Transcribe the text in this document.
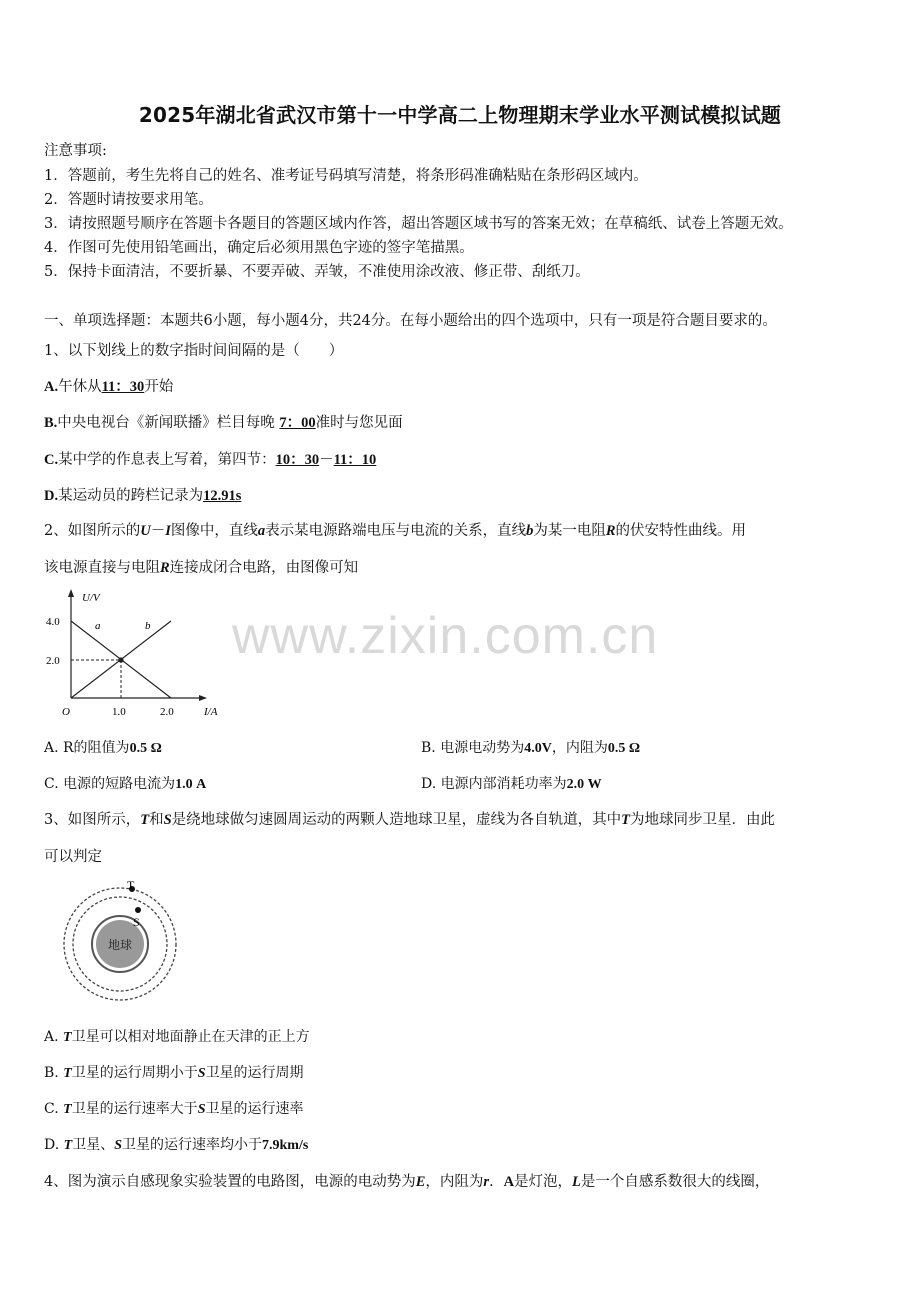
2025年湖北省武汉市第十一中学高二上物理期末学业水平测试模拟试题
注意事项:
1．答题前，考生先将自己的姓名、准考证号码填写清楚，将条形码准确粘贴在条形码区域内。
2．答题时请按要求用笔。
3．请按照题号顺序在答题卡各题目的答题区域内作答，超出答题区域书写的答案无效；在草稿纸、试卷上答题无效。
4．作图可先使用铅笔画出，确定后必须用黑色字迹的签字笔描黑。
5．保持卡面清洁，不要折暴、不要弄破、弄皱，不准使用涂改液、修正带、刮纸刀。
一、单项选择题：本题共6小题，每小题4分，共24分。在每小题给出的四个选项中，只有一项是符合题目要求的。
1、以下划线上的数字指时间间隔的是（　　）
A.午休从11：30开始
B.中央电视台《新闻联播》栏目每晚 7：00准时与您见面
C.某中学的作息表上写着，第四节：10：30－11：10
D.某运动员的跨栏记录为12.91s
2、如图所示的U－I图像中，直线a表示某电源路端电压与电流的关系，直线b为某一电阻R的伏安特性曲线。用
该电源直接与电阻R连接成闭合电路，由图像可知
U/V
I/A
O
4.0
2.0
1.0	2.0
a	b www.zixin.com.cn
A. R的阻值为0.5 Ω	B. 电源电动势为4.0V，内阻为0.5 Ω
C. 电源的短路电流为1.0 A	D. 电源内部消耗功率为2.0 W
3、如图所示，T和S是绕地球做匀速圆周运动的两颗人造地球卫星，虚线为各自轨道，其中T为地球同步卫星．由此
可以判定
地球
T
S
A. T卫星可以相对地面静止在天津的正上方
B. T卫星的运行周期小于S卫星的运行周期
C. T卫星的运行速率大于S卫星的运行速率
D. T卫星、S卫星的运行速率均小于7.9km/s
4、图为演示自感现象实验装置的电路图，电源的电动势为E，内阻为r．A是灯泡，L是一个自感系数很大的线圈，
